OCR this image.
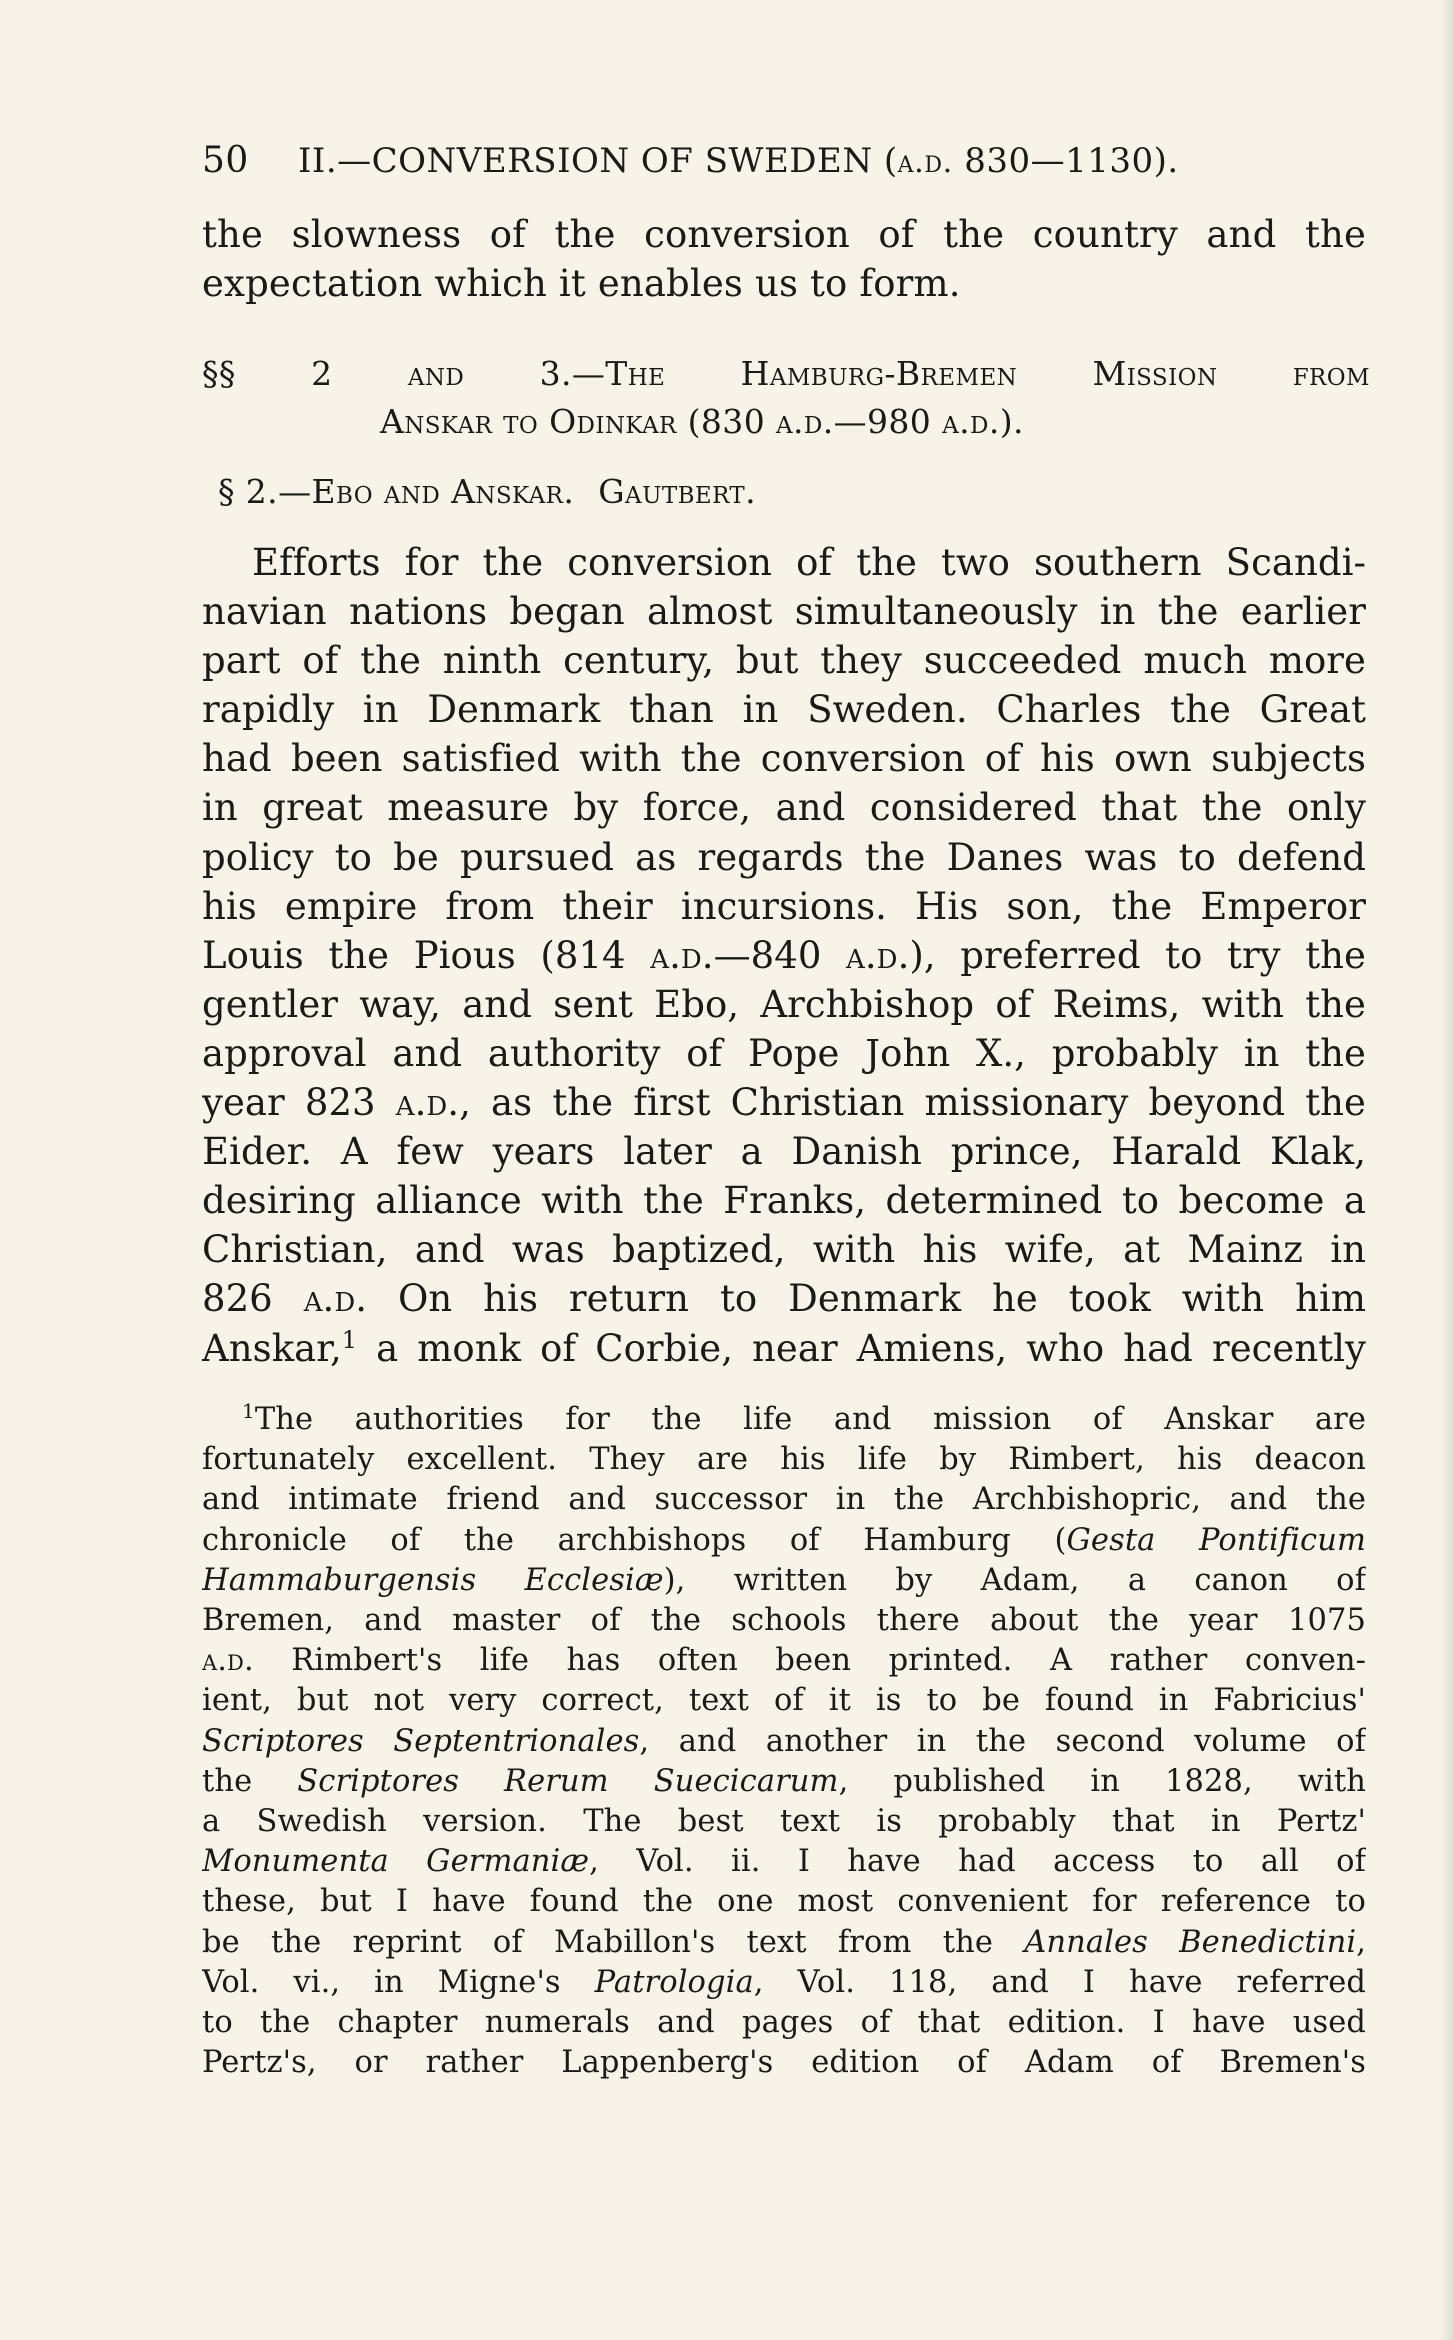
50 II.—CONVERSION OF SWEDEN (a.d. 830—1130).
the slowness of the conversion of the country and the
expectation which it enables us to form.
§§ 2 and 3.—The Hamburg-Bremen Mission from
Anskar to Odinkar (830 a.d.—980 a.d.).
§ 2.—Ebo and Anskar. Gautbert.
Efforts for the conversion of the two southern Scandi-
navian nations began almost simultaneously in the earlier
part of the ninth century, but they succeeded much more
rapidly in Denmark than in Sweden. Charles the Great
had been satisfied with the conversion of his own subjects
in great measure by force, and considered that the only
policy to be pursued as regards the Danes was to defend
his empire from their incursions. His son, the Emperor
Louis the Pious (814 a.d.—840 a.d.), preferred to try the
gentler way, and sent Ebo, Archbishop of Reims, with the
approval and authority of Pope John X., probably in the
year 823 a.d., as the first Christian missionary beyond the
Eider. A few years later a Danish prince, Harald Klak,
desiring alliance with the Franks, determined to become a
Christian, and was baptized, with his wife, at Mainz in
826 a.d. On his return to Denmark he took with him
Anskar,$^1$ a monk of Corbie, near Amiens, who had recently
$^1$The authorities for the life and mission of Anskar are
fortunately excellent. They are his life by Rimbert, his deacon
and intimate friend and successor in the Archbishopric, and the
chronicle of the archbishops of Hamburg (Gesta Pontificum
Hammaburgensis Ecclesiæ), written by Adam, a canon of
Bremen, and master of the schools there about the year 1075
a.d. Rimbert's life has often been printed. A rather conven-
ient, but not very correct, text of it is to be found in Fabricius'
Scriptores Septentrionales, and another in the second volume of
the Scriptores Rerum Suecicarum, published in 1828, with
a Swedish version. The best text is probably that in Pertz'
Monumenta Germaniæ, Vol. ii. I have had access to all of
these, but I have found the one most convenient for reference to
be the reprint of Mabillon's text from the Annales Benedictini,
Vol. vi., in Migne's Patrologia, Vol. 118, and I have referred
to the chapter numerals and pages of that edition. I have used
Pertz's, or rather Lappenberg's edition of Adam of Bremen's
